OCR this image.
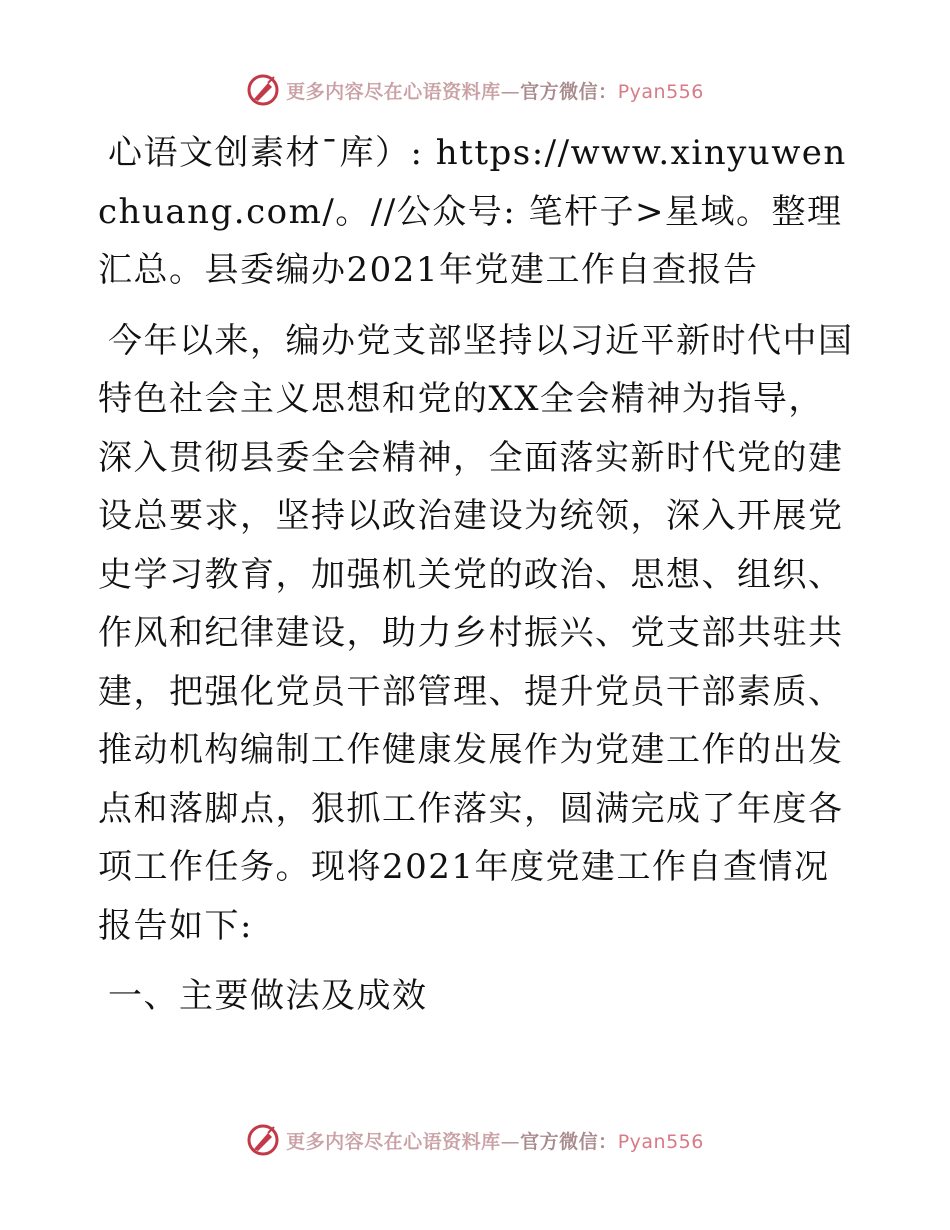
更多内容尽在心语资料库—官方微信：Pyan556

心语文创素材¯库）: https://www.xinyuwenchuang.com/。//公众号: 笔杆子>星域。整理汇总。县委编办2021年党建工作自查报告

今年以来，编办党支部坚持以习近平新时代中国特色社会主义思想和党的XX全会精神为指导，深入贯彻县委全会精神，全面落实新时代党的建设总要求，坚持以政治建设为统领，深入开展党史学习教育，加强机关党的政治、思想、组织、作风和纪律建设，助力乡村振兴、党支部共驻共建，把强化党员干部管理、提升党员干部素质、推动机构编制工作健康发展作为党建工作的出发点和落脚点，狠抓工作落实，圆满完成了年度各项工作任务。现将2021年度党建工作自查情况报告如下:

一、主要做法及成效

更多内容尽在心语资料库—官方微信：Pyan556
